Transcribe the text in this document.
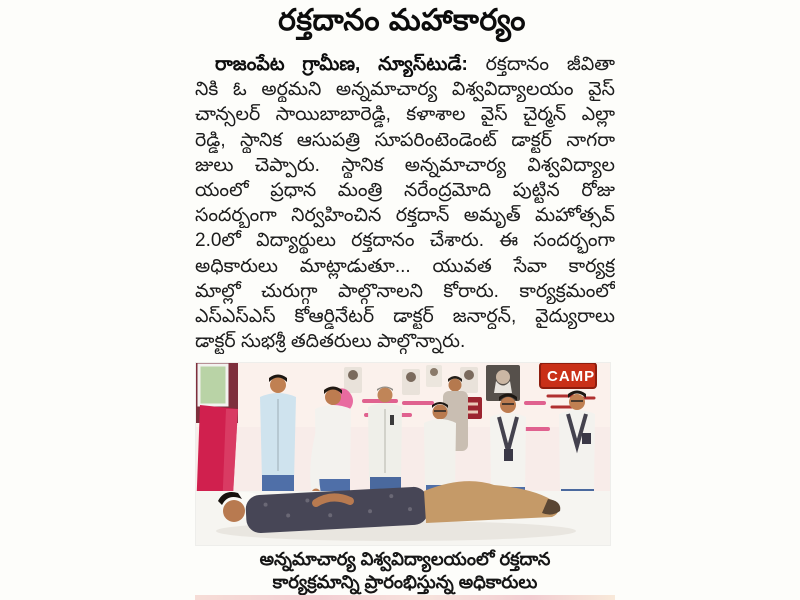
రక్తదానం మహాకార్యం
రాజంపేట గ్రామీణ, న్యూస్‌టుడే: రక్తదానం జీవితా
నికి ఓ అర్థమని అన్నమాచార్య విశ్వవిద్యాలయం వైస్
చాన్సలర్ సాయిబాబారెడ్డి, కళాశాల వైస్ చైర్మన్ ఎల్లా
రెడ్డి, స్థానిక ఆసుపత్రి సూపరింటెండెంట్ డాక్టర్ నాగరా
జులు చెప్పారు. స్థానిక అన్నమాచార్య విశ్వవిద్యాల
యంలో ప్రధాన మంత్రి నరేంద్రమోది పుట్టిన రోజు
సందర్భంగా నిర్వహించిన రక్తదాన్ అమృత్ మహోత్సవ్
2.0లో విద్యార్థులు రక్తదానం చేశారు. ఈ సందర్భంగా
అధికారులు మాట్లాడుతూ... యువత సేవా కార్యక్ర
మాల్లో చురుగ్గా పాల్గొనాలని కోరారు. కార్యక్రమంలో
ఎస్ఎస్ఎస్ కోఆర్డినేటర్ డాక్టర్ జనార్ధన్, వైద్యురాలు
డాక్టర్ సుభశ్రీ తదితరులు పాల్గొన్నారు.
CAMP
అన్నమాచార్య విశ్వవిద్యాలయంలో రక్తదాన
కార్యక్రమాన్ని ప్రారంభిస్తున్న అధికారులు
